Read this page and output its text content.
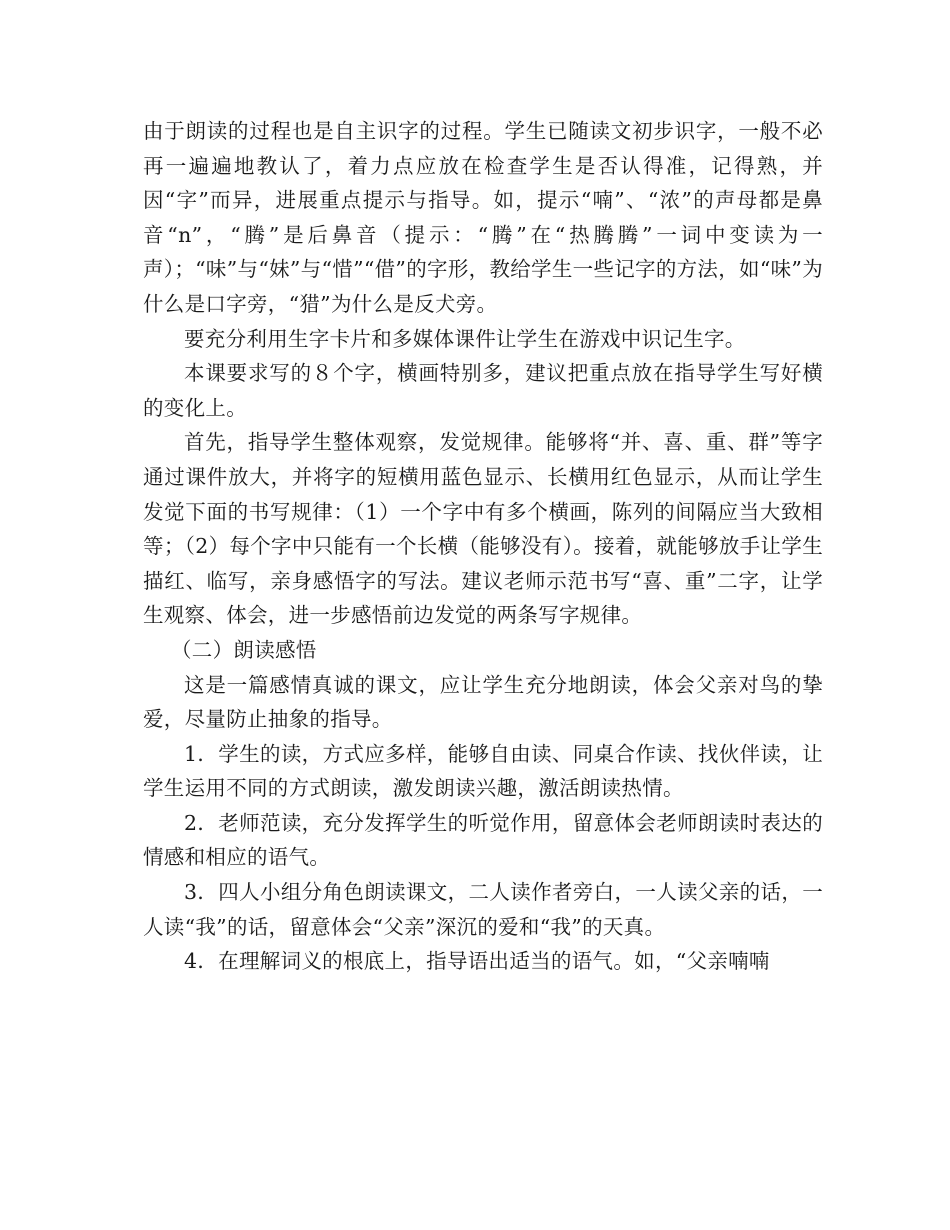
由于朗读的过程也是自主识字的过程。学生已随读文初步识字，一般不必再一遍遍地教认了，着力点应放在检查学生是否认得准，记得熟，并因“字”而异，进展重点提示与指导。如，提示“喃”、“浓”的声母都是鼻音“n”，“腾”是后鼻音（提示：“腾”在“热腾腾”一词中变读为一声）；“味”与“妹”与“惜”“借”的字形，教给学生一些记字的方法，如“味”为什么是口字旁，“猎”为什么是反犬旁。

要充分利用生字卡片和多媒体课件让学生在游戏中识记生字。

本课要求写的８个字，横画特别多，建议把重点放在指导学生写好横的变化上。

首先，指导学生整体观察，发觉规律。能够将“并、喜、重、群”等字通过课件放大，并将字的短横用蓝色显示、长横用红色显示，从而让学生发觉下面的书写规律：（1）一个字中有多个横画，陈列的间隔应当大致相等；（2）每个字中只能有一个长横（能够没有）。接着，就能够放手让学生描红、临写，亲身感悟字的写法。建议老师示范书写“喜、重”二字，让学生观察、体会，进一步感悟前边发觉的两条写字规律。

（二）朗读感悟

这是一篇感情真诚的课文，应让学生充分地朗读，体会父亲对鸟的挚爱，尽量防止抽象的指导。

1．学生的读，方式应多样，能够自由读、同桌合作读、找伙伴读，让学生运用不同的方式朗读，激发朗读兴趣，激活朗读热情。

2．老师范读，充分发挥学生的听觉作用，留意体会老师朗读时表达的情感和相应的语气。

3．四人小组分角色朗读课文，二人读作者旁白，一人读父亲的话，一人读“我”的话，留意体会“父亲”深沉的爱和“我”的天真。

4．在理解词义的根底上，指导语出适当的语气。如，“父亲喃喃
